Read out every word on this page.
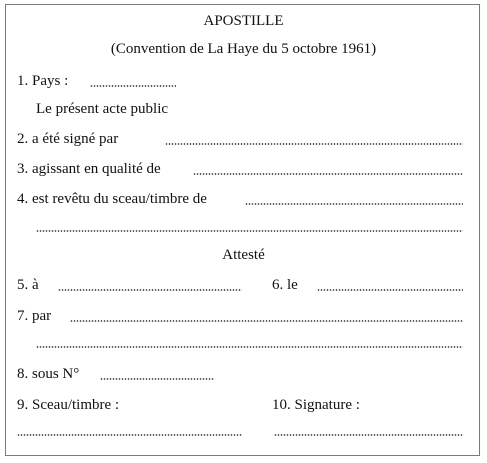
APOSTILLE
(Convention de La Haye du 5 octobre 1961)
1. Pays :
Le présent acte public
2. a été signé par
3. agissant en qualité de
4. est revêtu du sceau/timbre de
Attesté
5. à	6. le
7. par
8. sous N°
9. Sceau/timbre :	10. Signature :
